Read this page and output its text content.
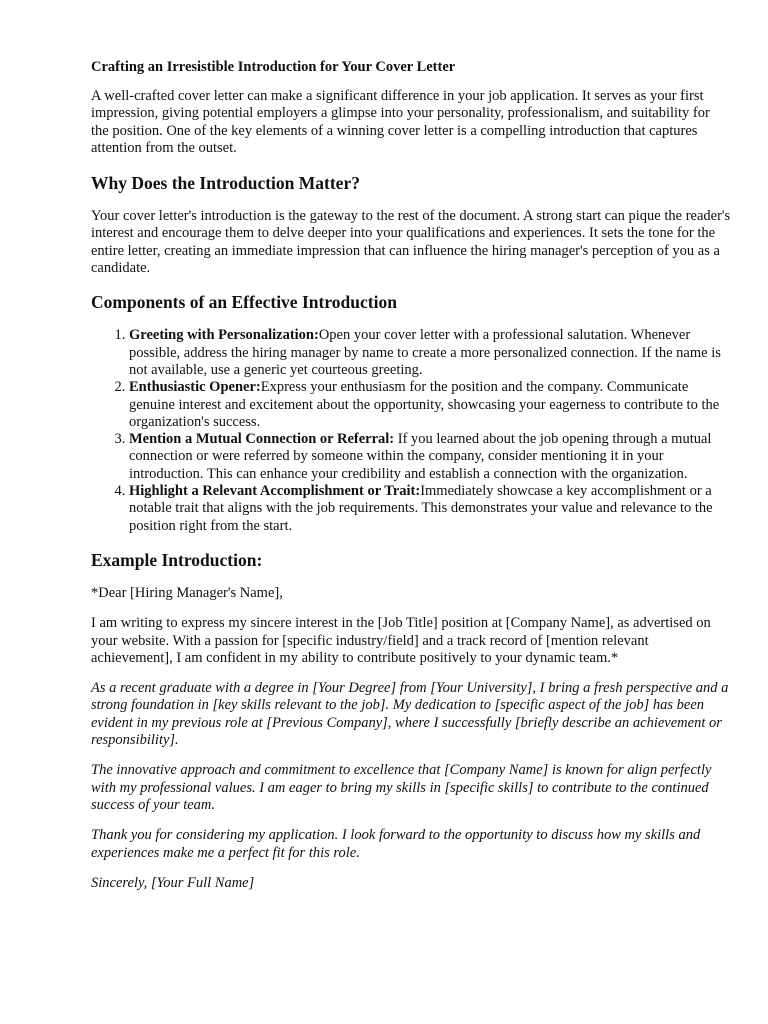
Crafting an Irresistible Introduction for Your Cover Letter

A well-crafted cover letter can make a significant difference in your job application. It serves as your first impression, giving potential employers a glimpse into your personality, professionalism, and suitability for the position. One of the key elements of a winning cover letter is a compelling introduction that captures attention from the outset.

Why Does the Introduction Matter?

Your cover letter's introduction is the gateway to the rest of the document. A strong start can pique the reader's interest and encourage them to delve deeper into your qualifications and experiences. It sets the tone for the entire letter, creating an immediate impression that can influence the hiring manager's perception of you as a candidate.

Components of an Effective Introduction
1. Greeting with Personalization:Open your cover letter with a professional salutation. Whenever possible, address the hiring manager by name to create a more personalized connection. If the name is not available, use a generic yet courteous greeting.
2. Enthusiastic Opener:Express your enthusiasm for the position and the company. Communicate genuine interest and excitement about the opportunity, showcasing your eagerness to contribute to the organization's success.
3. Mention a Mutual Connection or Referral: If you learned about the job opening through a mutual connection or were referred by someone within the company, consider mentioning it in your introduction. This can enhance your credibility and establish a connection with the organization.
4. Highlight a Relevant Accomplishment or Trait:Immediately showcase a key accomplishment or a notable trait that aligns with the job requirements. This demonstrates your value and relevance to the position right from the start.
Example Introduction:

*Dear [Hiring Manager's Name],

I am writing to express my sincere interest in the [Job Title] position at [Company Name], as advertised on your website. With a passion for [specific industry/field] and a track record of [mention relevant achievement], I am confident in my ability to contribute positively to your dynamic team.*

As a recent graduate with a degree in [Your Degree] from [Your University], I bring a fresh perspective and a strong foundation in [key skills relevant to the job]. My dedication to [specific aspect of the job] has been evident in my previous role at [Previous Company], where I successfully [briefly describe an achievement or responsibility].

The innovative approach and commitment to excellence that [Company Name] is known for align perfectly with my professional values. I am eager to bring my skills in [specific skills] to contribute to the continued success of your team.

Thank you for considering my application. I look forward to the opportunity to discuss how my skills and experiences make me a perfect fit for this role.

Sincerely, [Your Full Name]
